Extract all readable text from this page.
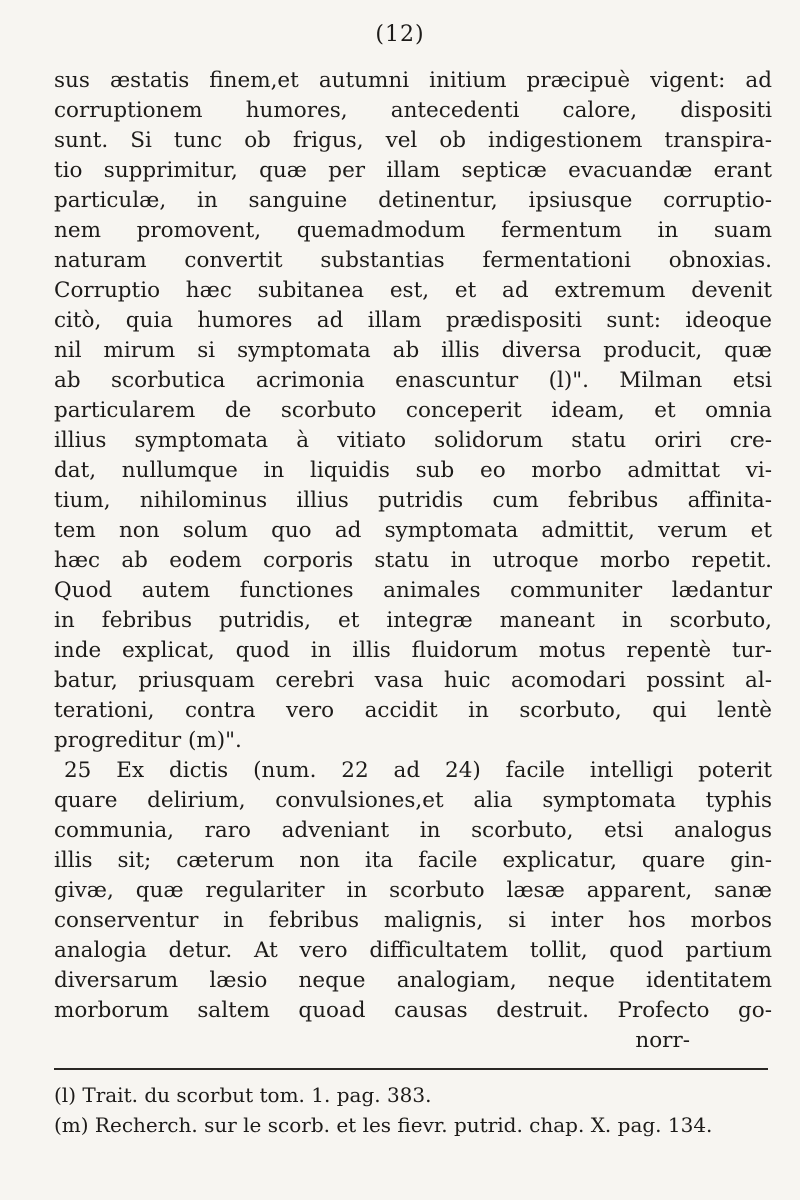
(12)
sus æstatis finem,et autumni initium præcipuè vigent: ad
corruptionem humores, antecedenti calore, dispositi
sunt. Si tunc ob frigus, vel ob indigestionem transpira-
tio supprimitur, quæ per illam septicæ evacuandæ erant
particulæ, in sanguine detinentur, ipsiusque corruptio-
nem promovent, quemadmodum fermentum in suam
naturam convertit substantias fermentationi obnoxias.
Corruptio hæc subitanea est, et ad extremum devenit
citò, quia humores ad illam prædispositi sunt: ideoque
nil mirum si symptomata ab illis diversa producit, quæ
ab scorbutica acrimonia enascuntur (l)". Milman etsi
particularem de scorbuto conceperit ideam, et omnia
illius symptomata à vitiato solidorum statu oriri cre-
dat, nullumque in liquidis sub eo morbo admittat vi-
tium, nihilominus illius putridis cum febribus affinita-
tem non solum quo ad symptomata admittit, verum et
hæc ab eodem corporis statu in utroque morbo repetit.
Quod autem functiones animales communiter lædantur
in febribus putridis, et integræ maneant in scorbuto,
inde explicat, quod in illis fluidorum motus repentè tur-
batur, priusquam cerebri vasa huic acomodari possint al-
terationi, contra vero accidit in scorbuto, qui lentè
progreditur (m)".
25 Ex dictis (num. 22 ad 24) facile intelligi poterit
quare delirium, convulsiones,et alia symptomata typhis
communia, raro adveniant in scorbuto, etsi analogus
illis sit; cæterum non ita facile explicatur, quare gin-
givæ, quæ regulariter in scorbuto læsæ apparent, sanæ
conserventur in febribus malignis, si inter hos morbos
analogia detur. At vero difficultatem tollit, quod partium
diversarum læsio neque analogiam, neque identitatem
morborum saltem quoad causas destruit. Profecto go-
norr-
(l) Trait. du scorbut tom. 1. pag. 383.
(m) Recherch. sur le scorb. et les fievr. putrid. chap. X. pag. 134.
